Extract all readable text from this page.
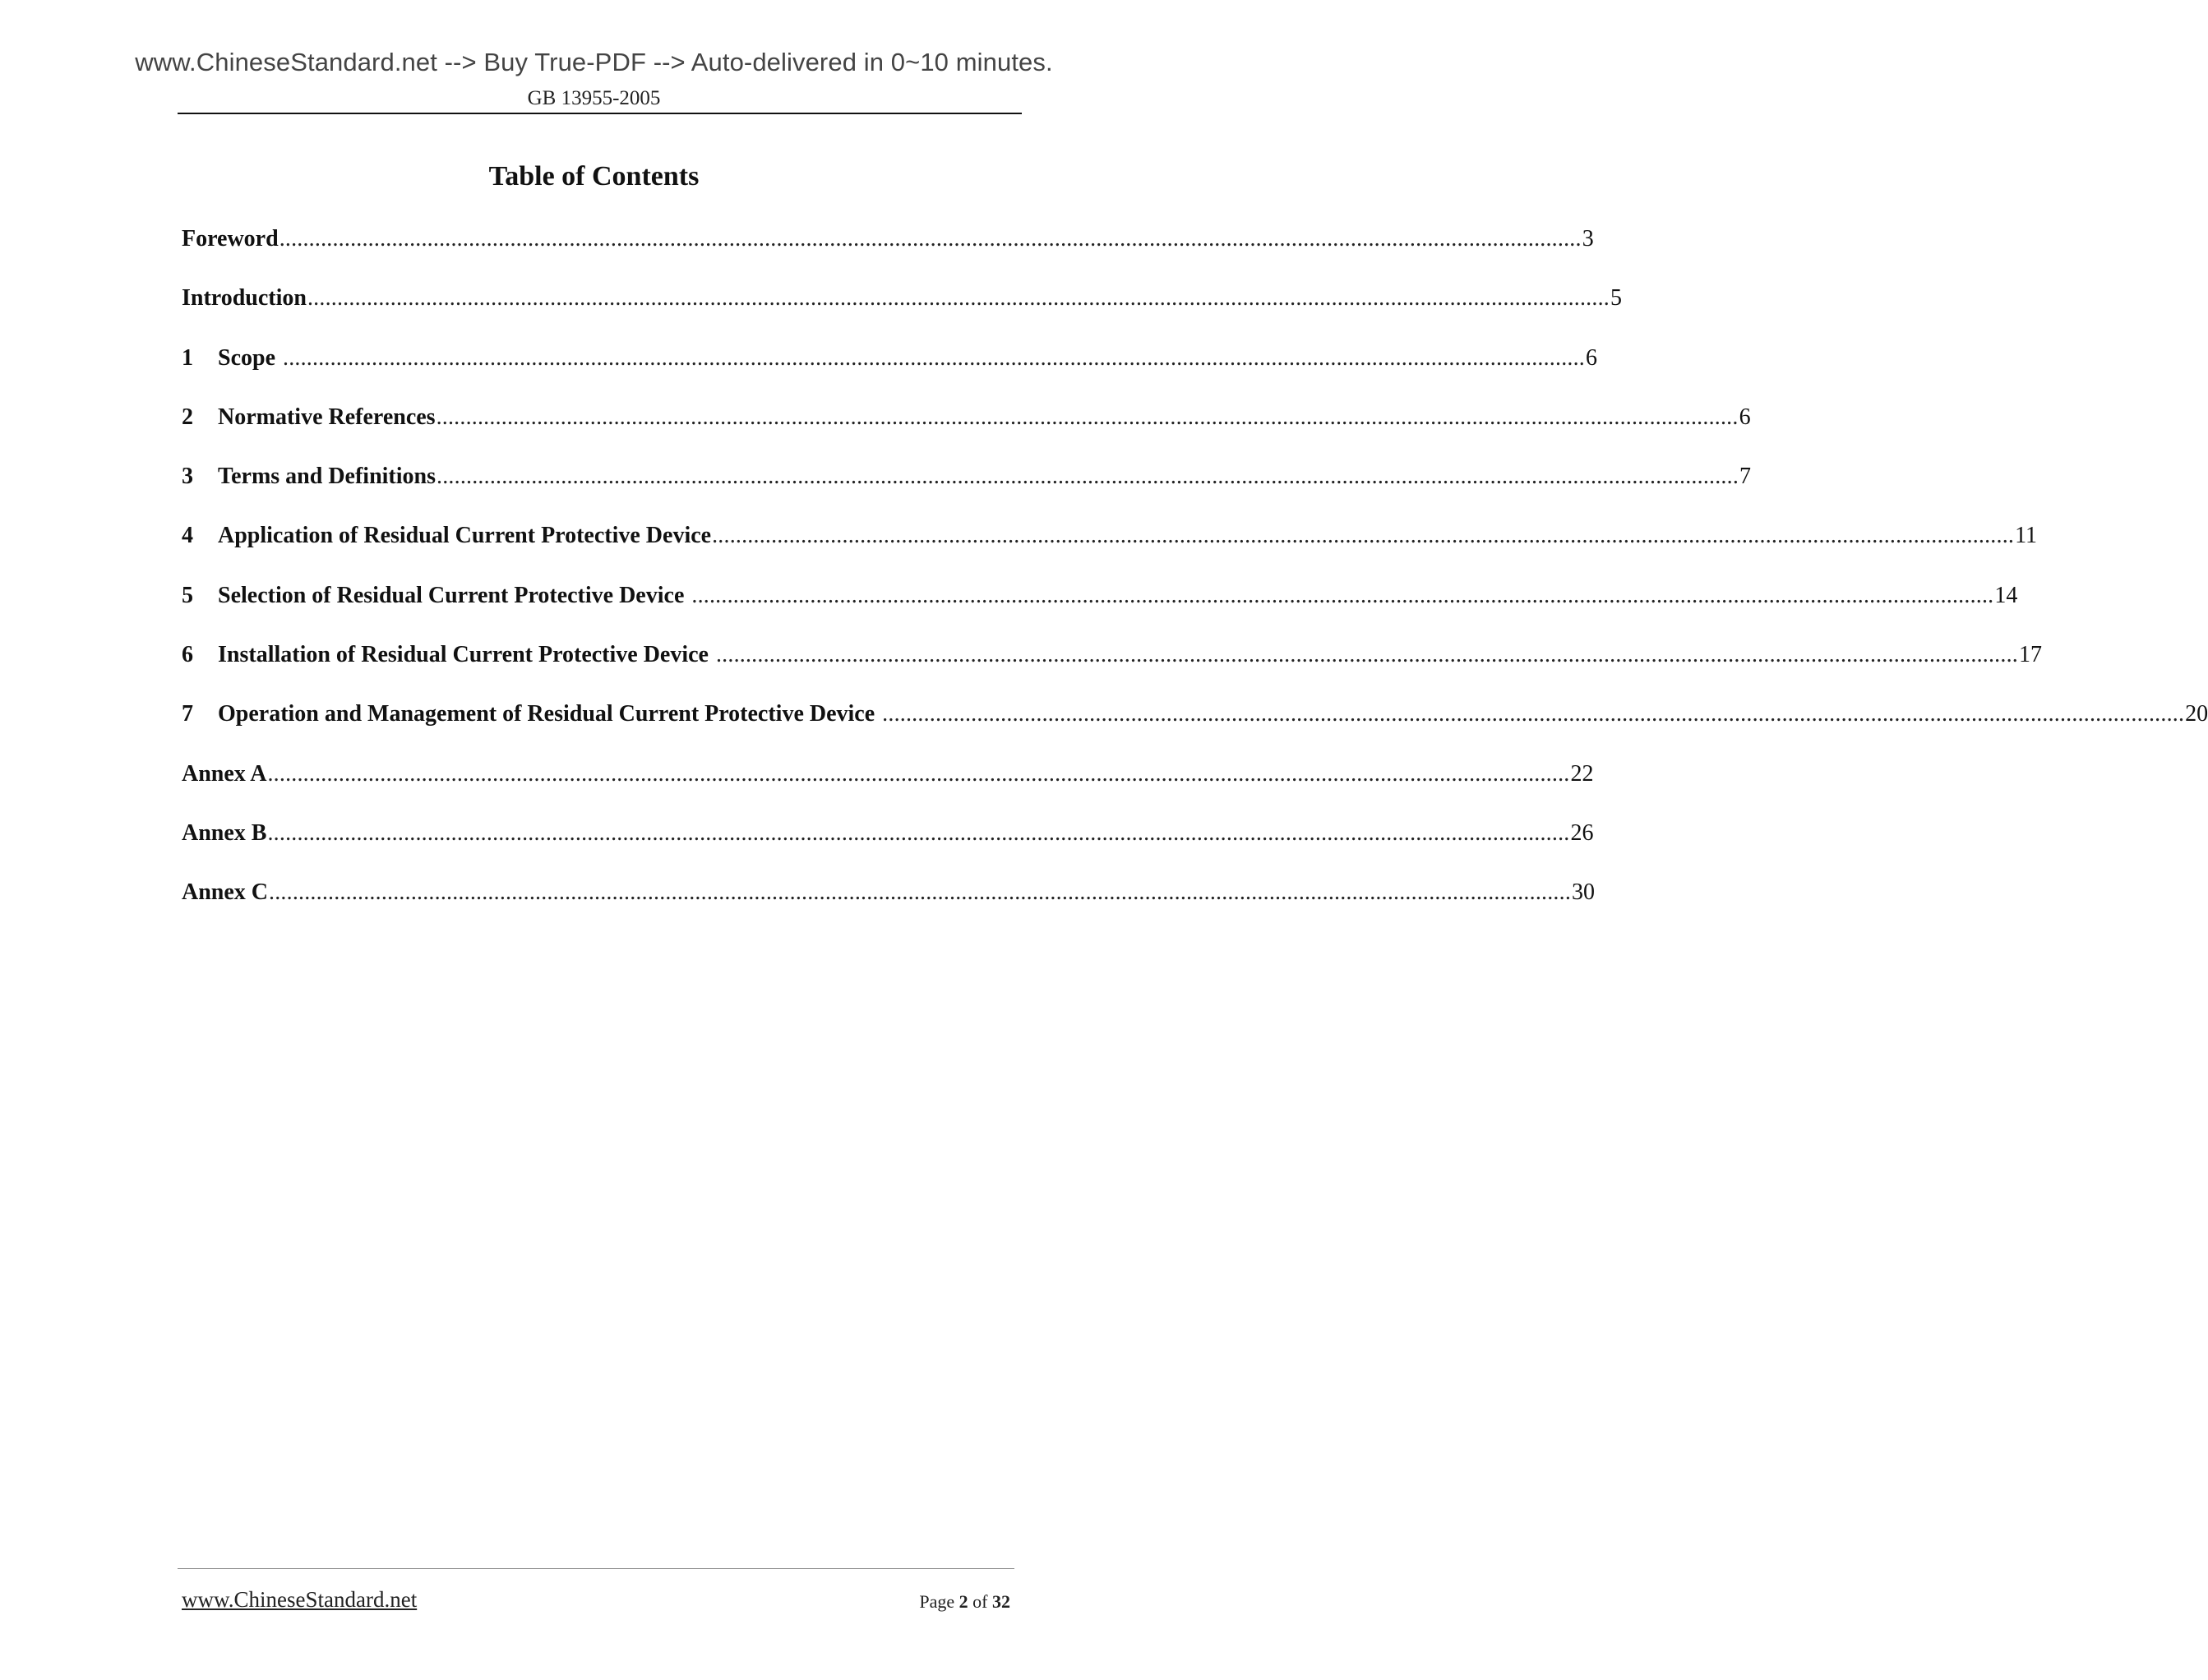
www.ChineseStandard.net --> Buy True-PDF --> Auto-delivered in 0~10 minutes.
GB 13955-2005
Table of Contents
Foreword ............................................................................................................................................................................................................................ 3
Introduction ............................................................................................................................................................................................................................ 5
1	Scope ............................................................................................................................................................................................................................ 6
2	Normative References ............................................................................................................................................................................................................................ 6
3	Terms and Definitions ............................................................................................................................................................................................................................ 7
4	Application of Residual Current Protective Device ............................................................................................................................................................................................................................ 11
5	Selection of Residual Current Protective Device ............................................................................................................................................................................................................................ 14
6	Installation of Residual Current Protective Device ............................................................................................................................................................................................................................ 17
7	Operation and Management of Residual Current Protective Device ............................................................................................................................................................................................................................ 20
Annex A ............................................................................................................................................................................................................................ 22
Annex B ............................................................................................................................................................................................................................ 26
Annex C ............................................................................................................................................................................................................................ 30
www.ChineseStandard.net	Page 2 of 32
